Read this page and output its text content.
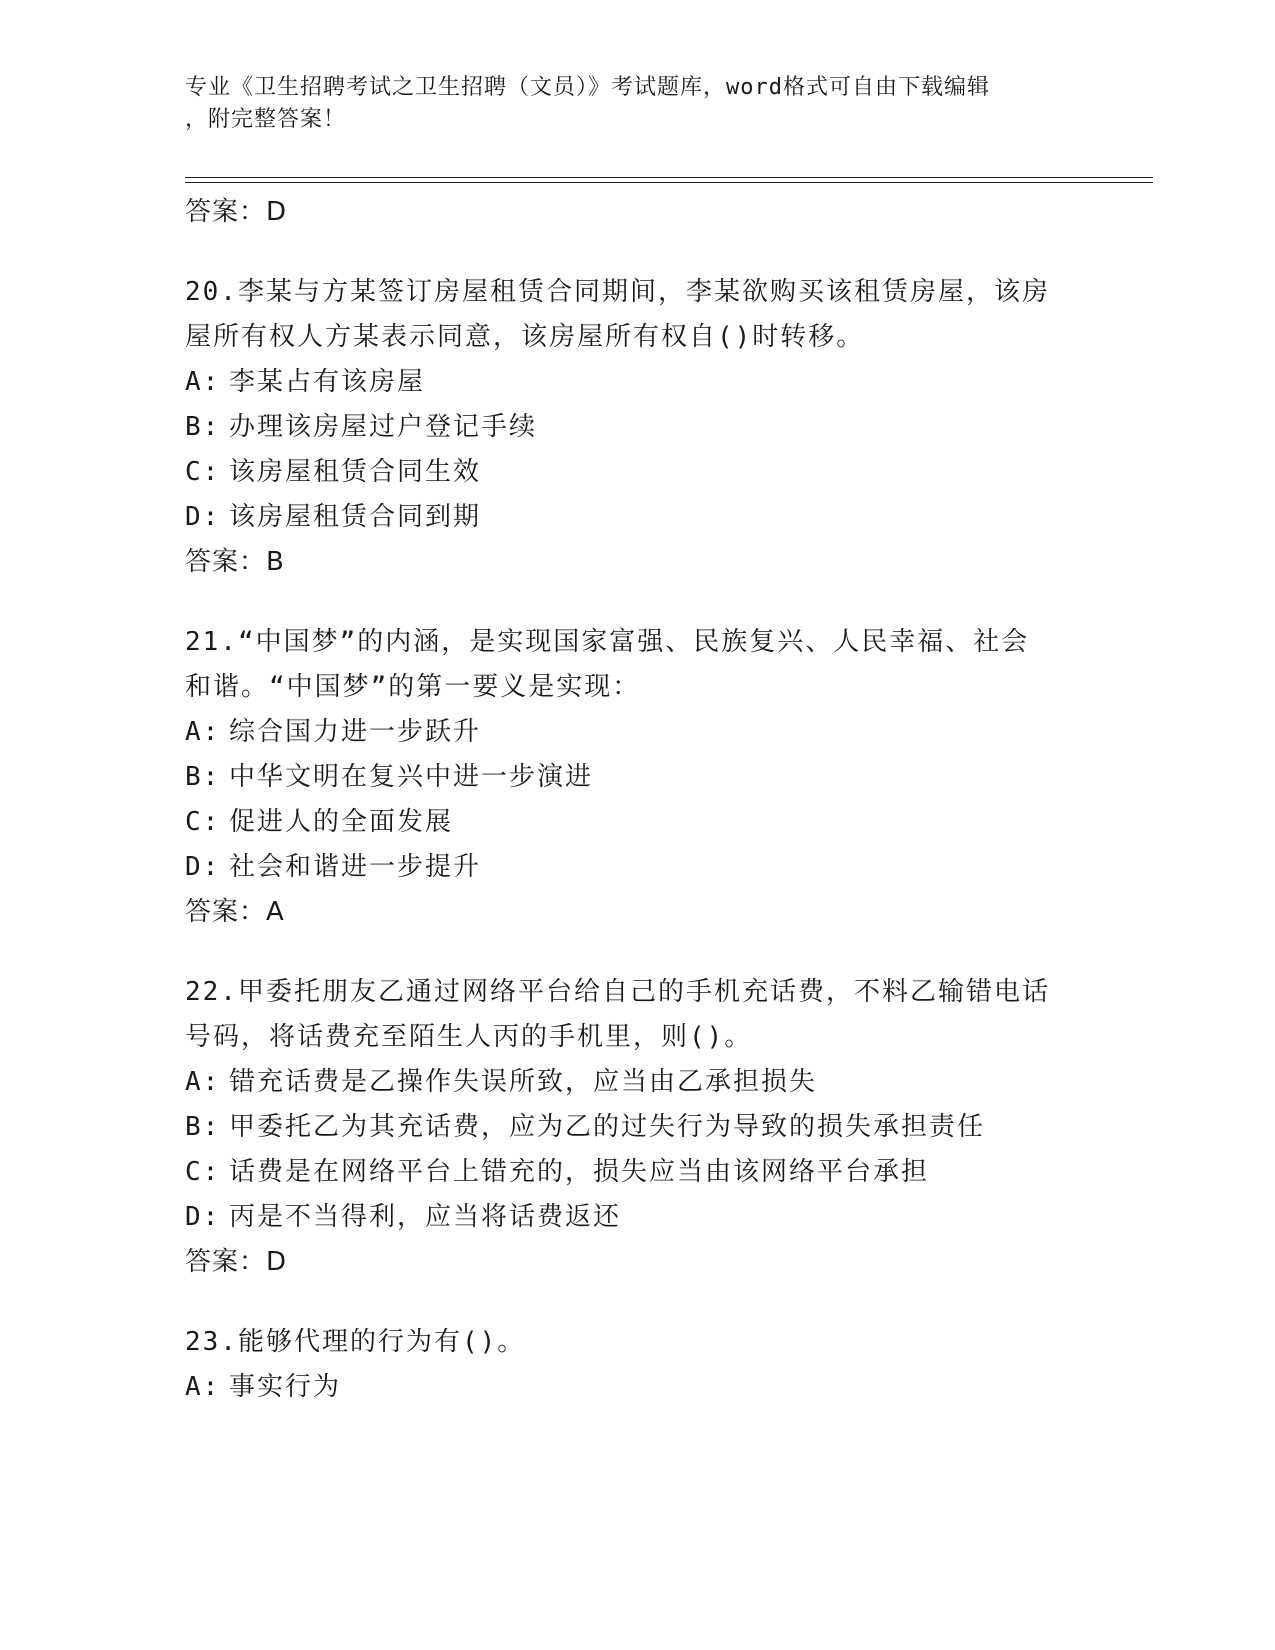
专业《卫生招聘考试之卫生招聘（文员）》考试题库，word格式可自由下载编辑
，附完整答案！
答案：D
20.李某与方某签订房屋租赁合同期间，李某欲购买该租赁房屋，该房
屋所有权人方某表示同意，该房屋所有权自()时转移。
A: 李某占有该房屋
B: 办理该房屋过户登记手续
C: 该房屋租赁合同生效
D: 该房屋租赁合同到期
答案：B
21.“中国梦”的内涵，是实现国家富强、民族复兴、人民幸福、社会
和谐。“中国梦”的第一要义是实现：
A: 综合国力进一步跃升
B: 中华文明在复兴中进一步演进
C: 促进人的全面发展
D: 社会和谐进一步提升
答案：A
22.甲委托朋友乙通过网络平台给自己的手机充话费，不料乙输错电话
号码，将话费充至陌生人丙的手机里，则()。
A: 错充话费是乙操作失误所致，应当由乙承担损失
B: 甲委托乙为其充话费，应为乙的过失行为导致的损失承担责任
C: 话费是在网络平台上错充的，损失应当由该网络平台承担
D: 丙是不当得利，应当将话费返还
答案：D
23.能够代理的行为有()。
A: 事实行为
